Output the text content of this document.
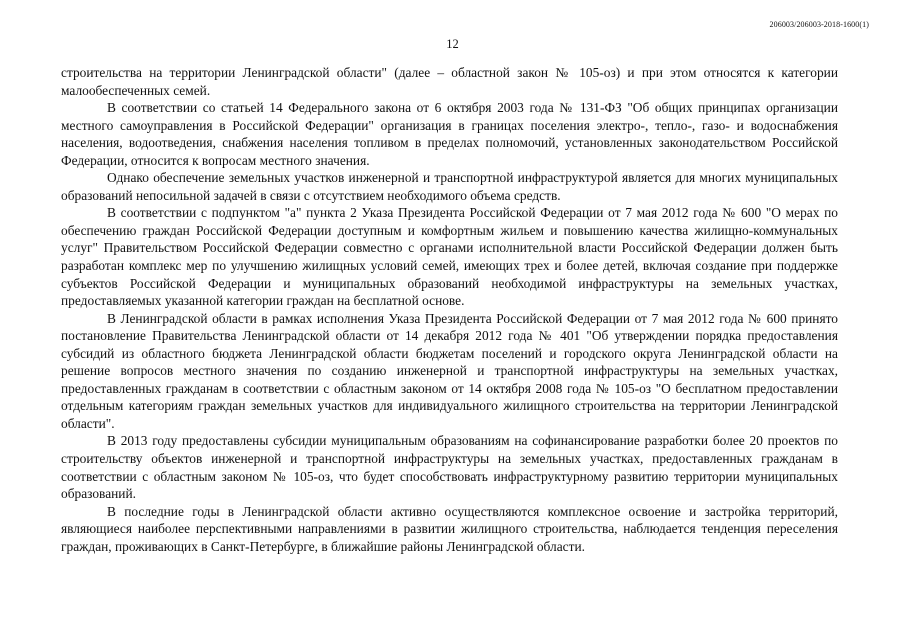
206003/206003-2018-1600(1)
12

строительства на территории Ленинградской области" (далее – областной закон № 105-оз) и при этом относятся к категории малообеспеченных семей.

В соответствии со статьей 14 Федерального закона от 6 октября 2003 года № 131-ФЗ "Об общих принципах организации местного самоуправления в Российской Федерации" организация в границах поселения электро-, тепло-, газо- и водоснабжения населения, водоотведения, снабжения населения топливом в пределах полномочий, установленных законодательством Российской Федерации, относится к вопросам местного значения.

Однако обеспечение земельных участков инженерной и транспортной инфраструктурой является для многих муниципальных образований непосильной задачей в связи с отсутствием необходимого объема средств.

В соответствии с подпунктом "а" пункта 2 Указа Президента Российской Федерации от 7 мая 2012 года № 600 "О мерах по обеспечению граждан Российской Федерации доступным и комфортным жильем и повышению качества жилищно-коммунальных услуг" Правительством Российской Федерации совместно с органами исполнительной власти Российской Федерации должен быть разработан комплекс мер по улучшению жилищных условий семей, имеющих трех и более детей, включая создание при поддержке субъектов Российской Федерации и муниципальных образований необходимой инфраструктуры на земельных участках, предоставляемых указанной категории граждан на бесплатной основе.

В Ленинградской области в рамках исполнения Указа Президента Российской Федерации от 7 мая 2012 года № 600 принято постановление Правительства Ленинградской области от 14 декабря 2012 года № 401 "Об утверждении порядка предоставления субсидий из областного бюджета Ленинградской области бюджетам поселений и городского округа Ленинградской области на решение вопросов местного значения по созданию инженерной и транспортной инфраструктуры на земельных участках, предоставленных гражданам в соответствии с областным законом от 14 октября 2008 года № 105-оз "О бесплатном предоставлении отдельным категориям граждан земельных участков для индивидуального жилищного строительства на территории Ленинградской области".

В 2013 году предоставлены субсидии муниципальным образованиям на софинансирование разработки более 20 проектов по строительству объектов инженерной и транспортной инфраструктуры на земельных участках, предоставленных гражданам в соответствии с областным законом № 105-оз, что будет способствовать инфраструктурному развитию территории муниципальных образований.

В последние годы в Ленинградской области активно осуществляются комплексное освоение и застройка территорий, являющиеся наиболее перспективными направлениями в развитии жилищного строительства, наблюдается тенденция переселения граждан, проживающих в Санкт-Петербурге, в ближайшие районы Ленинградской области.
